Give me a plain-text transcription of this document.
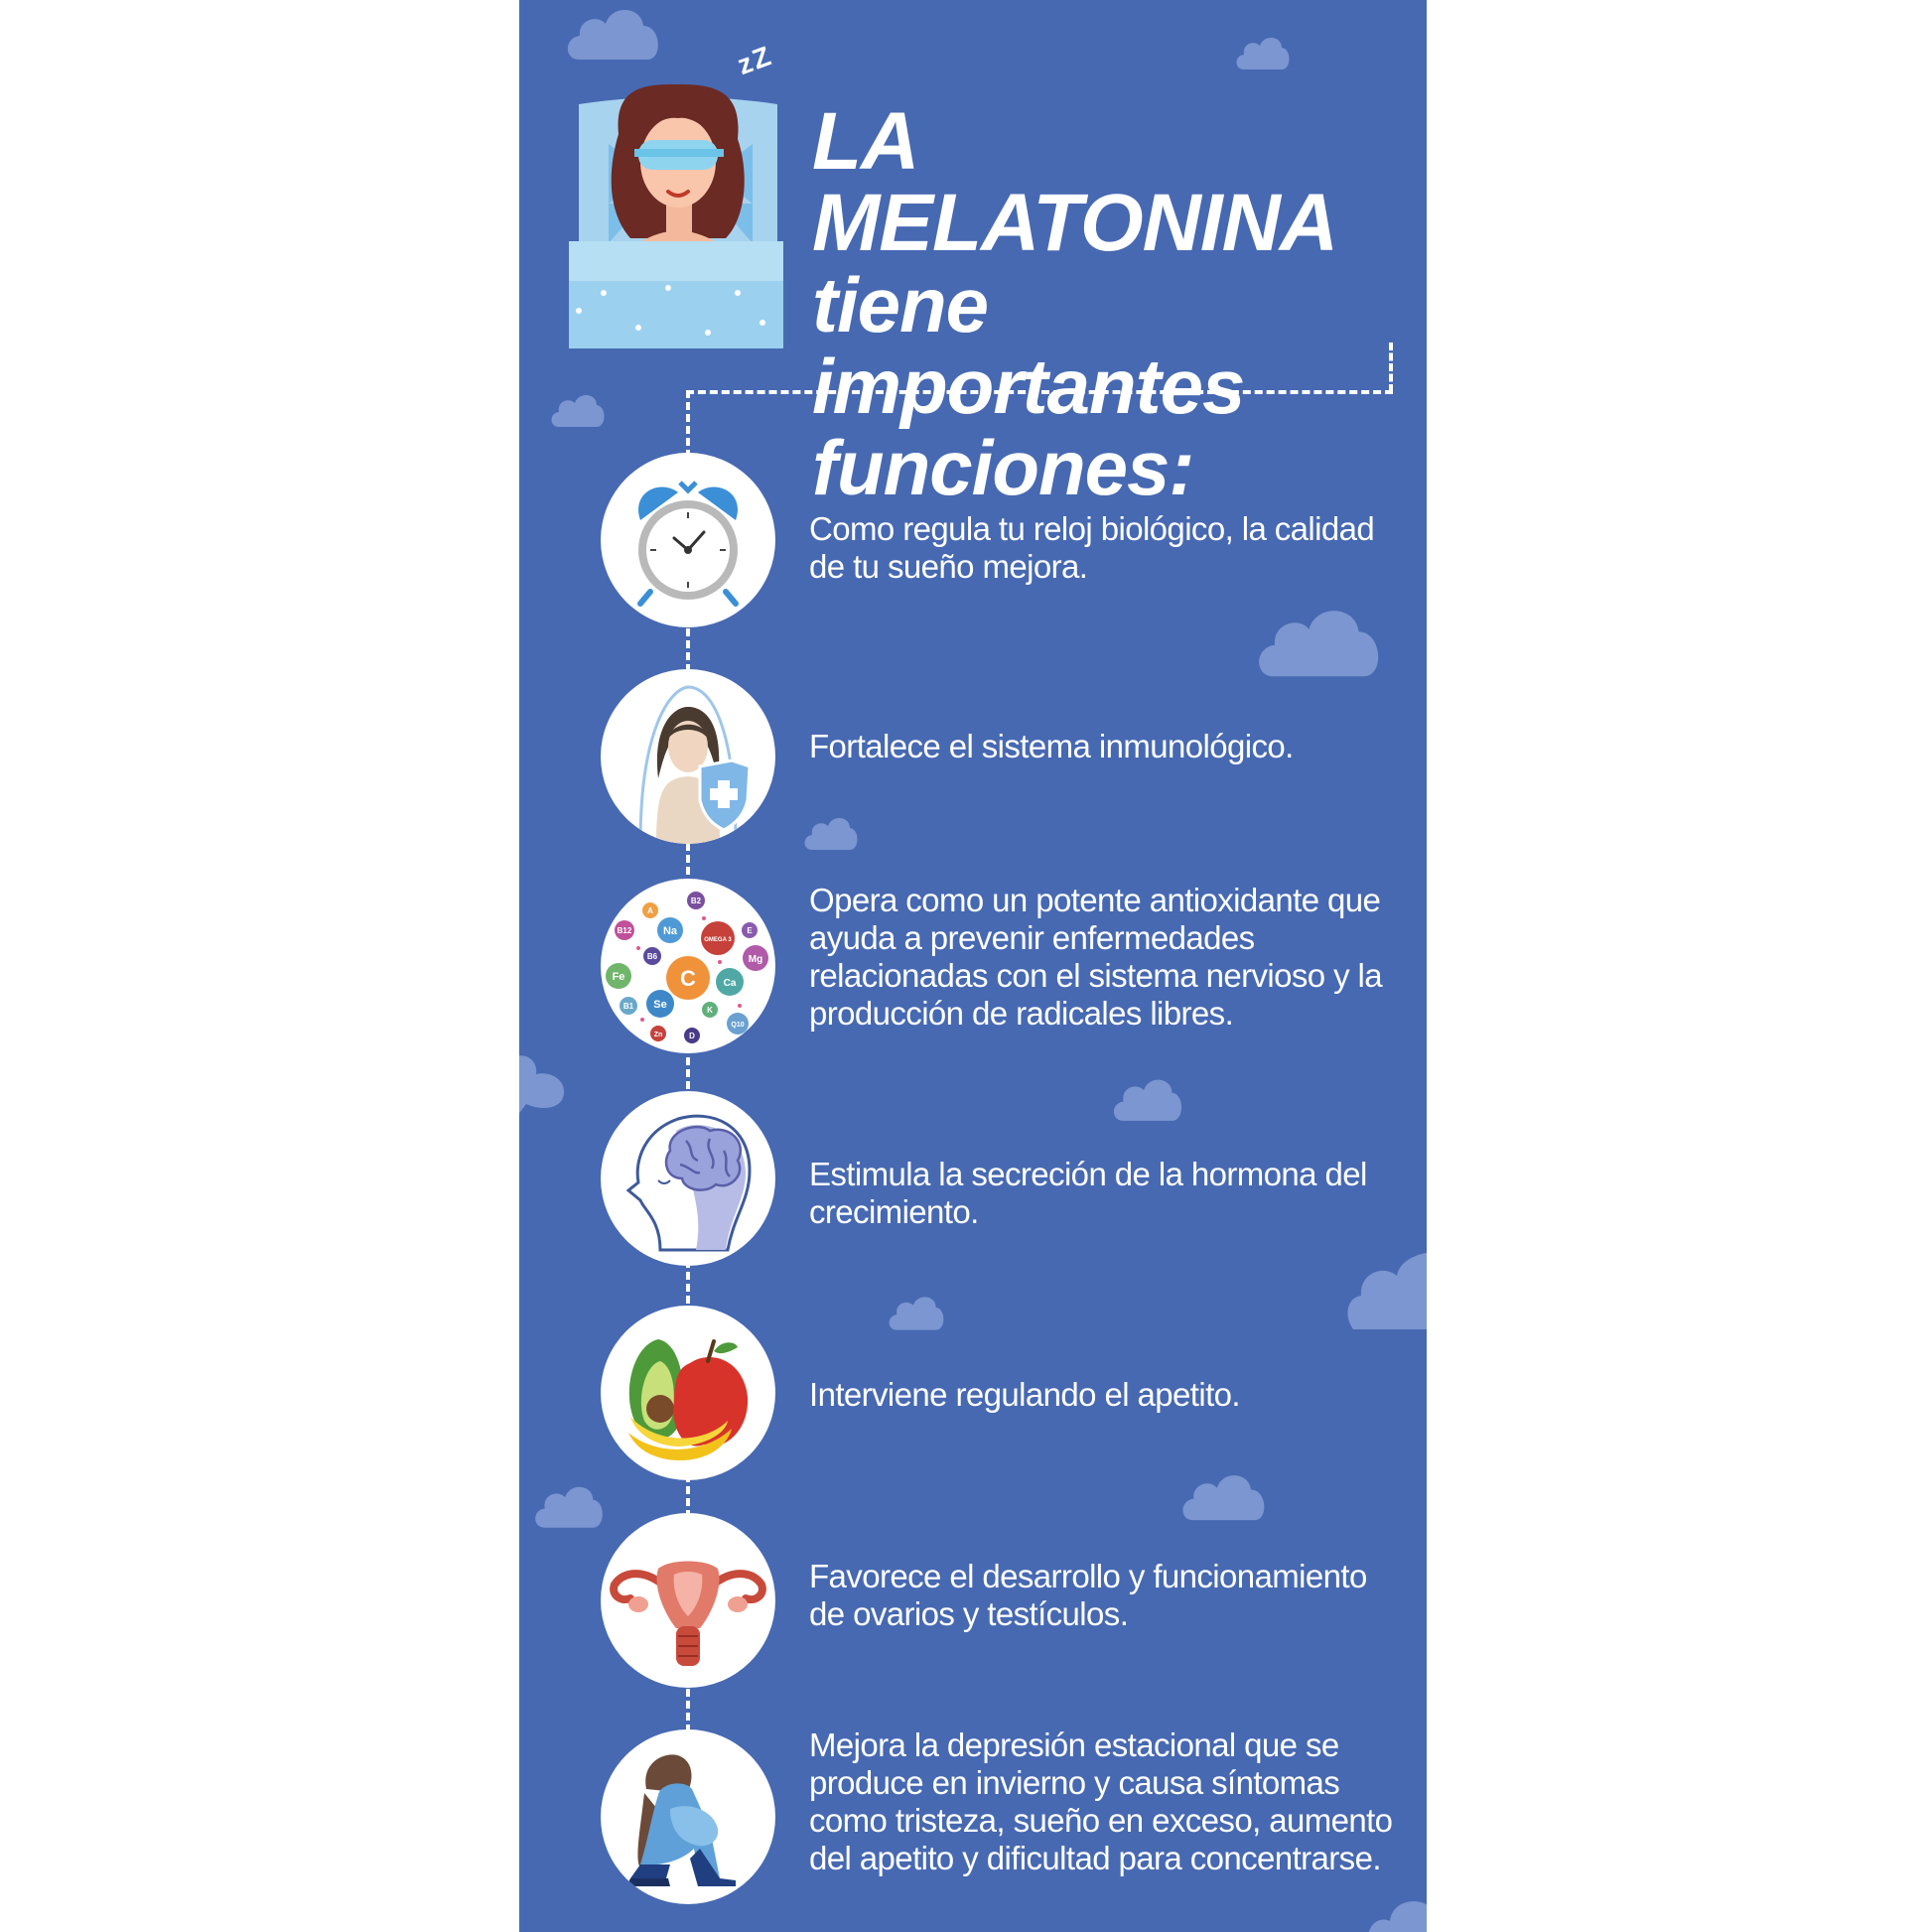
zZ
LA MELATONINA
tiene importantes
funciones:

Como regula tu reloj biológico, la calidad de tu sueño mejora.

Fortalece el sistema inmunológico.

A
B2
B12	Na	E
OMEGA 3
Mg
B6
Fe	C	Ca
B1 Se	K
Zn	D
Q10

Opera como un potente antioxidante que ayuda a prevenir enfermedades relacionadas con el sistema nervioso y la producción de radicales libres.

Estimula la secreción de la hormona del crecimiento.

Interviene regulando el apetito.

Favorece el desarrollo y funcionamiento de ovarios y testículos.

Mejora la depresión estacional que se produce en invierno y causa síntomas como tristeza, sueño en exceso, aumento del apetito y dificultad para concentrarse.
